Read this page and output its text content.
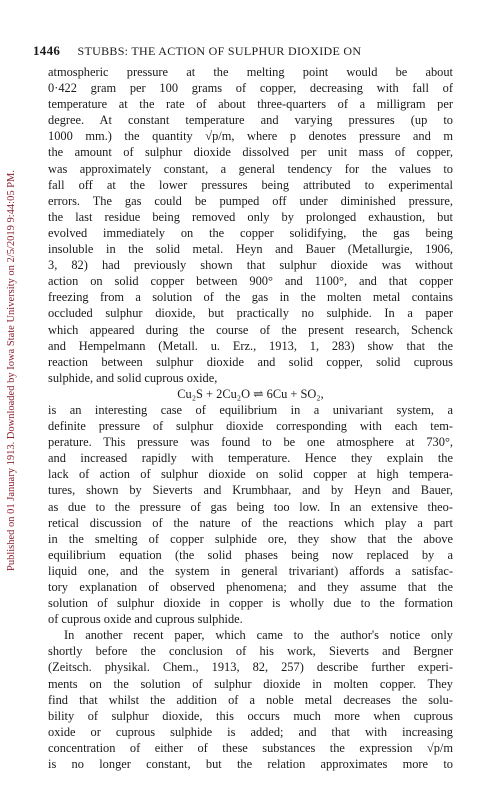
Published on 01 January 1913. Downloaded by Iowa State University on 2/5/2019 9:44:05 PM.
1446 STUBBS: THE ACTION OF SULPHUR DIOXIDE ON
atmospheric pressure at the melting point would be about
0·422 gram per 100 grams of copper, decreasing with fall of
temperature at the rate of about three-quarters of a milligram per
degree. At constant temperature and varying pressures (up to
1000 mm.) the quantity √p/m, where p denotes pressure and m
the amount of sulphur dioxide dissolved per unit mass of copper,
was approximately constant, a general tendency for the values to
fall off at the lower pressures being attributed to experimental
errors. The gas could be pumped off under diminished pressure,
the last residue being removed only by prolonged exhaustion, but
evolved immediately on the copper solidifying, the gas being
insoluble in the solid metal. Heyn and Bauer (Metallurgie, 1906,
3, 82) had previously shown that sulphur dioxide was without
action on solid copper between 900° and 1100°, and that copper
freezing from a solution of the gas in the molten metal contains
occluded sulphur dioxide, but practically no sulphide. In a paper
which appeared during the course of the present research, Schenck
and Hempelmann (Metall. u. Erz., 1913, 1, 283) show that the
reaction between sulphur dioxide and solid copper, solid cuprous
sulphide, and solid cuprous oxide,
Cu₂S + 2Cu₂O ⇌ 6Cu + SO₂,
is an interesting case of equilibrium in a univariant system, a
definite pressure of sulphur dioxide corresponding with each tem-
perature. This pressure was found to be one atmosphere at 730°,
and increased rapidly with temperature. Hence they explain the
lack of action of sulphur dioxide on solid copper at high tempera-
tures, shown by Sieverts and Krumbhaar, and by Heyn and Bauer,
as due to the pressure of gas being too low. In an extensive theo-
retical discussion of the nature of the reactions which play a part
in the smelting of copper sulphide ore, they show that the above
equilibrium equation (the solid phases being now replaced by a
liquid one, and the system in general trivariant) affords a satisfac-
tory explanation of observed phenomena; and they assume that the
solution of sulphur dioxide in copper is wholly due to the formation
of cuprous oxide and cuprous sulphide.
In another recent paper, which came to the author's notice only
shortly before the conclusion of his work, Sieverts and Bergner
(Zeitsch. physikal. Chem., 1913, 82, 257) describe further experi-
ments on the solution of sulphur dioxide in molten copper. They
find that whilst the addition of a noble metal decreases the solu-
bility of sulphur dioxide, this occurs much more when cuprous
oxide or cuprous sulphide is added; and that with increasing
concentration of either of these substances the expression √p/m
is no longer constant, but the relation approximates more to
